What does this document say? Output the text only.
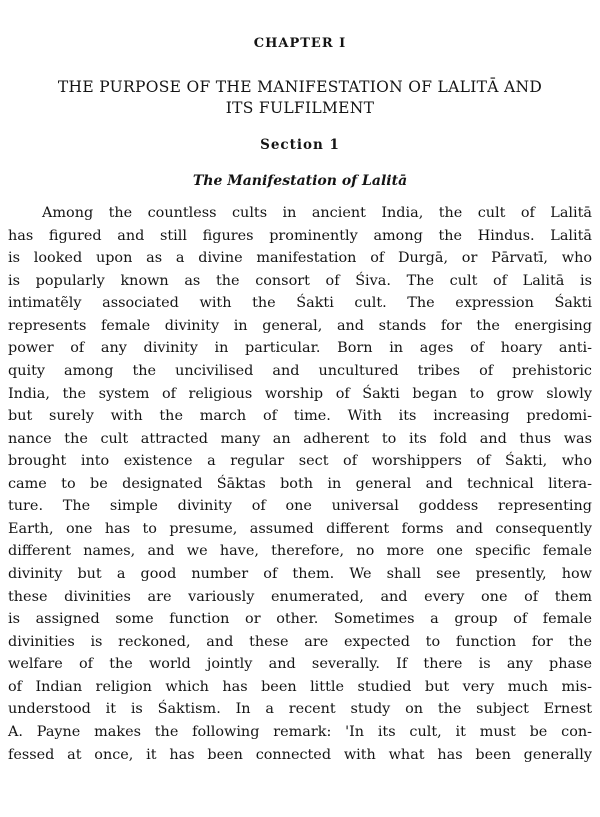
CHAPTER I
THE PURPOSE OF THE MANIFESTATION OF LALITĀ AND
ITS FULFILMENT
Section 1
The Manifestation of Lalitā
Among the countless cults in ancient India, the cult of Lalitā
has figured and still figures prominently among the Hindus. Lalitā
is looked upon as a divine manifestation of Durgā, or Pārvatī, who
is popularly known as the consort of Śiva. The cult of Lalitā is
intimatẽly associated with the Śakti cult. The expression Śakti
represents female divinity in general, and stands for the energising
power of any divinity in particular. Born in ages of hoary anti-
quity among the uncivilised and uncultured tribes of prehistoric
India, the system of religious worship of Śakti began to grow slowly
but surely with the march of time. With its increasing predomi-
nance the cult attracted many an adherent to its fold and thus was
brought into existence a regular sect of worshippers of Śakti, who
came to be designated Śāktas both in general and technical litera-
ture. The simple divinity of one universal goddess representing
Earth, one has to presume, assumed different forms and consequently
different names, and we have, therefore, no more one specific female
divinity but a good number of them. We shall see presently, how
these divinities are variously enumerated, and every one of them
is assigned some function or other. Sometimes a group of female
divinities is reckoned, and these are expected to function for the
welfare of the world jointly and severally. If there is any phase
of Indian religion which has been little studied but very much mis-
understood it is Śaktism. In a recent study on the subject Ernest
A. Payne makes the following remark: 'In its cult, it must be con-
fessed at once, it has been connected with what has been generally
